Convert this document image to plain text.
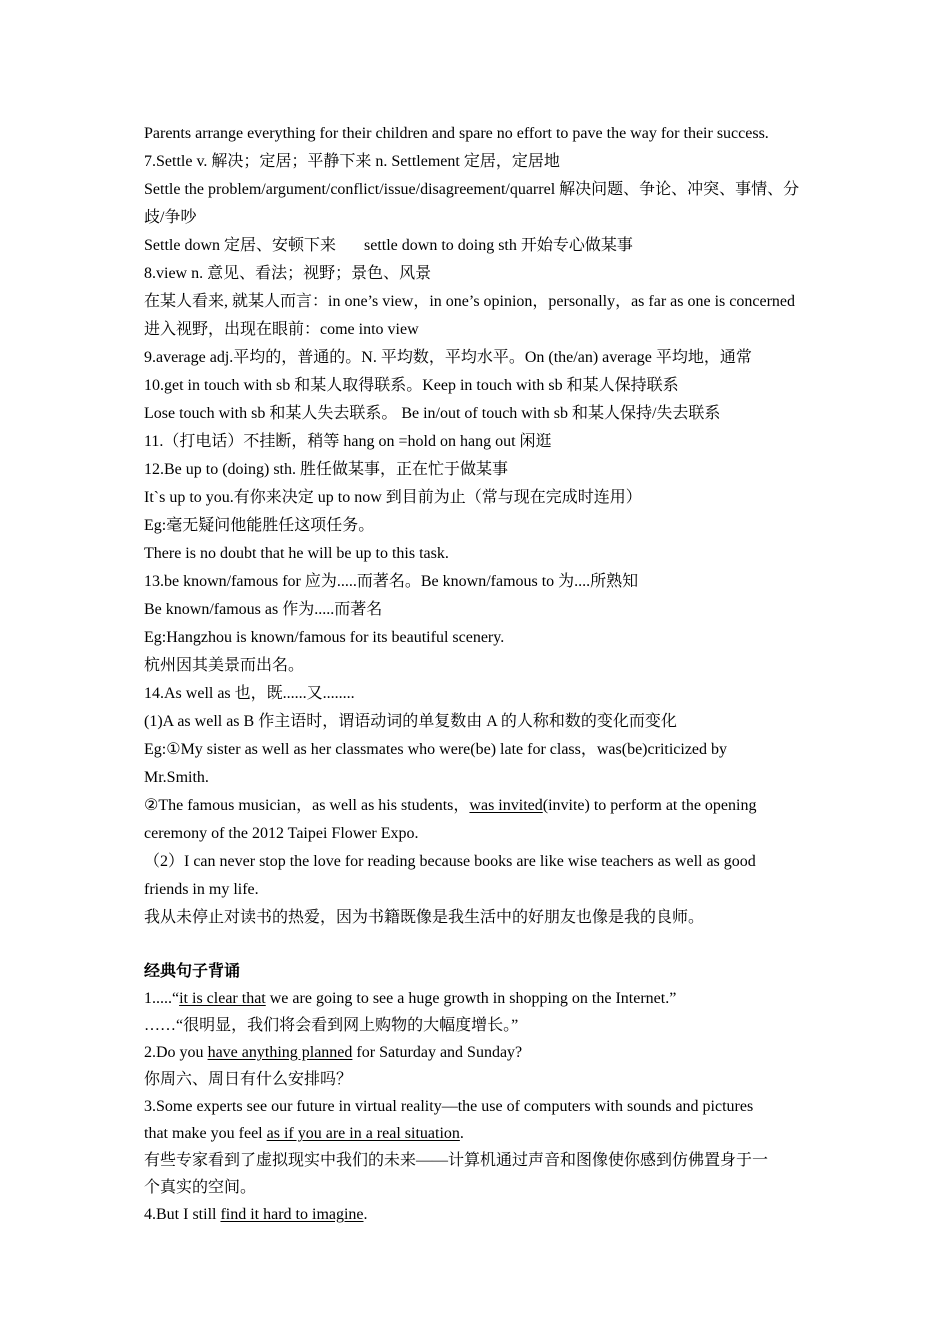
Parents arrange everything for their children and spare no effort to pave the way for their success.
7.Settle v. 解决；定居；平静下来 n. Settlement 定居，定居地
Settle the problem/argument/conflict/issue/disagreement/quarrel 解决问题、争论、冲突、事情、分
歧/争吵
Settle down 定居、安顿下来       settle down to doing sth 开始专心做某事
8.view n. 意见、看法；视野；景色、风景
在某人看来, 就某人而言：in one’s view，in one’s opinion，personally，as far as one is concerned
进入视野，出现在眼前：come into view
9.average adj.平均的，普通的。N. 平均数，平均水平。On (the/an) average 平均地，通常
10.get in touch with sb 和某人取得联系。Keep in touch with sb 和某人保持联系
Lose touch with sb 和某人失去联系。 Be in/out of touch with sb 和某人保持/失去联系
11.（打电话）不挂断，稍等 hang on =hold on hang out 闲逛
12.Be up to (doing) sth. 胜任做某事，正在忙于做某事
It`s up to you.有你来决定 up to now 到目前为止（常与现在完成时连用）
Eg:毫无疑问他能胜任这项任务。
There is no doubt that he will be up to this task.
13.be known/famous for 应为.....而著名。Be known/famous to 为....所熟知
Be known/famous as 作为.....而著名
Eg:Hangzhou is known/famous for its beautiful scenery.
杭州因其美景而出名。
14.As well as 也，既......又........
(1)A as well as B 作主语时，谓语动词的单复数由 A 的人称和数的变化而变化
Eg:①My sister as well as her classmates who were(be) late for class，was(be)criticized by
Mr.Smith.
②The famous musician，as well as his students，was invited(invite) to perform at the opening
ceremony of the 2012 Taipei Flower Expo.
（2）I can never stop the love for reading because books are like wise teachers as well as good
friends in my life.
我从未停止对读书的热爱，因为书籍既像是我生活中的好朋友也像是我的良师。
经典句子背诵
1.....“it is clear that we are going to see a huge growth in shopping on the Internet.”
……“很明显，我们将会看到网上购物的大幅度增长。”
2.Do you have anything planned for Saturday and Sunday?
你周六、周日有什么安排吗？
3.Some experts see our future in virtual reality—the use of computers with sounds and pictures
that make you feel as if you are in a real situation.
有些专家看到了虚拟现实中我们的未来——计算机通过声音和图像使你感到仿佛置身于一
个真实的空间。
4.But I still find it hard to imagine.
